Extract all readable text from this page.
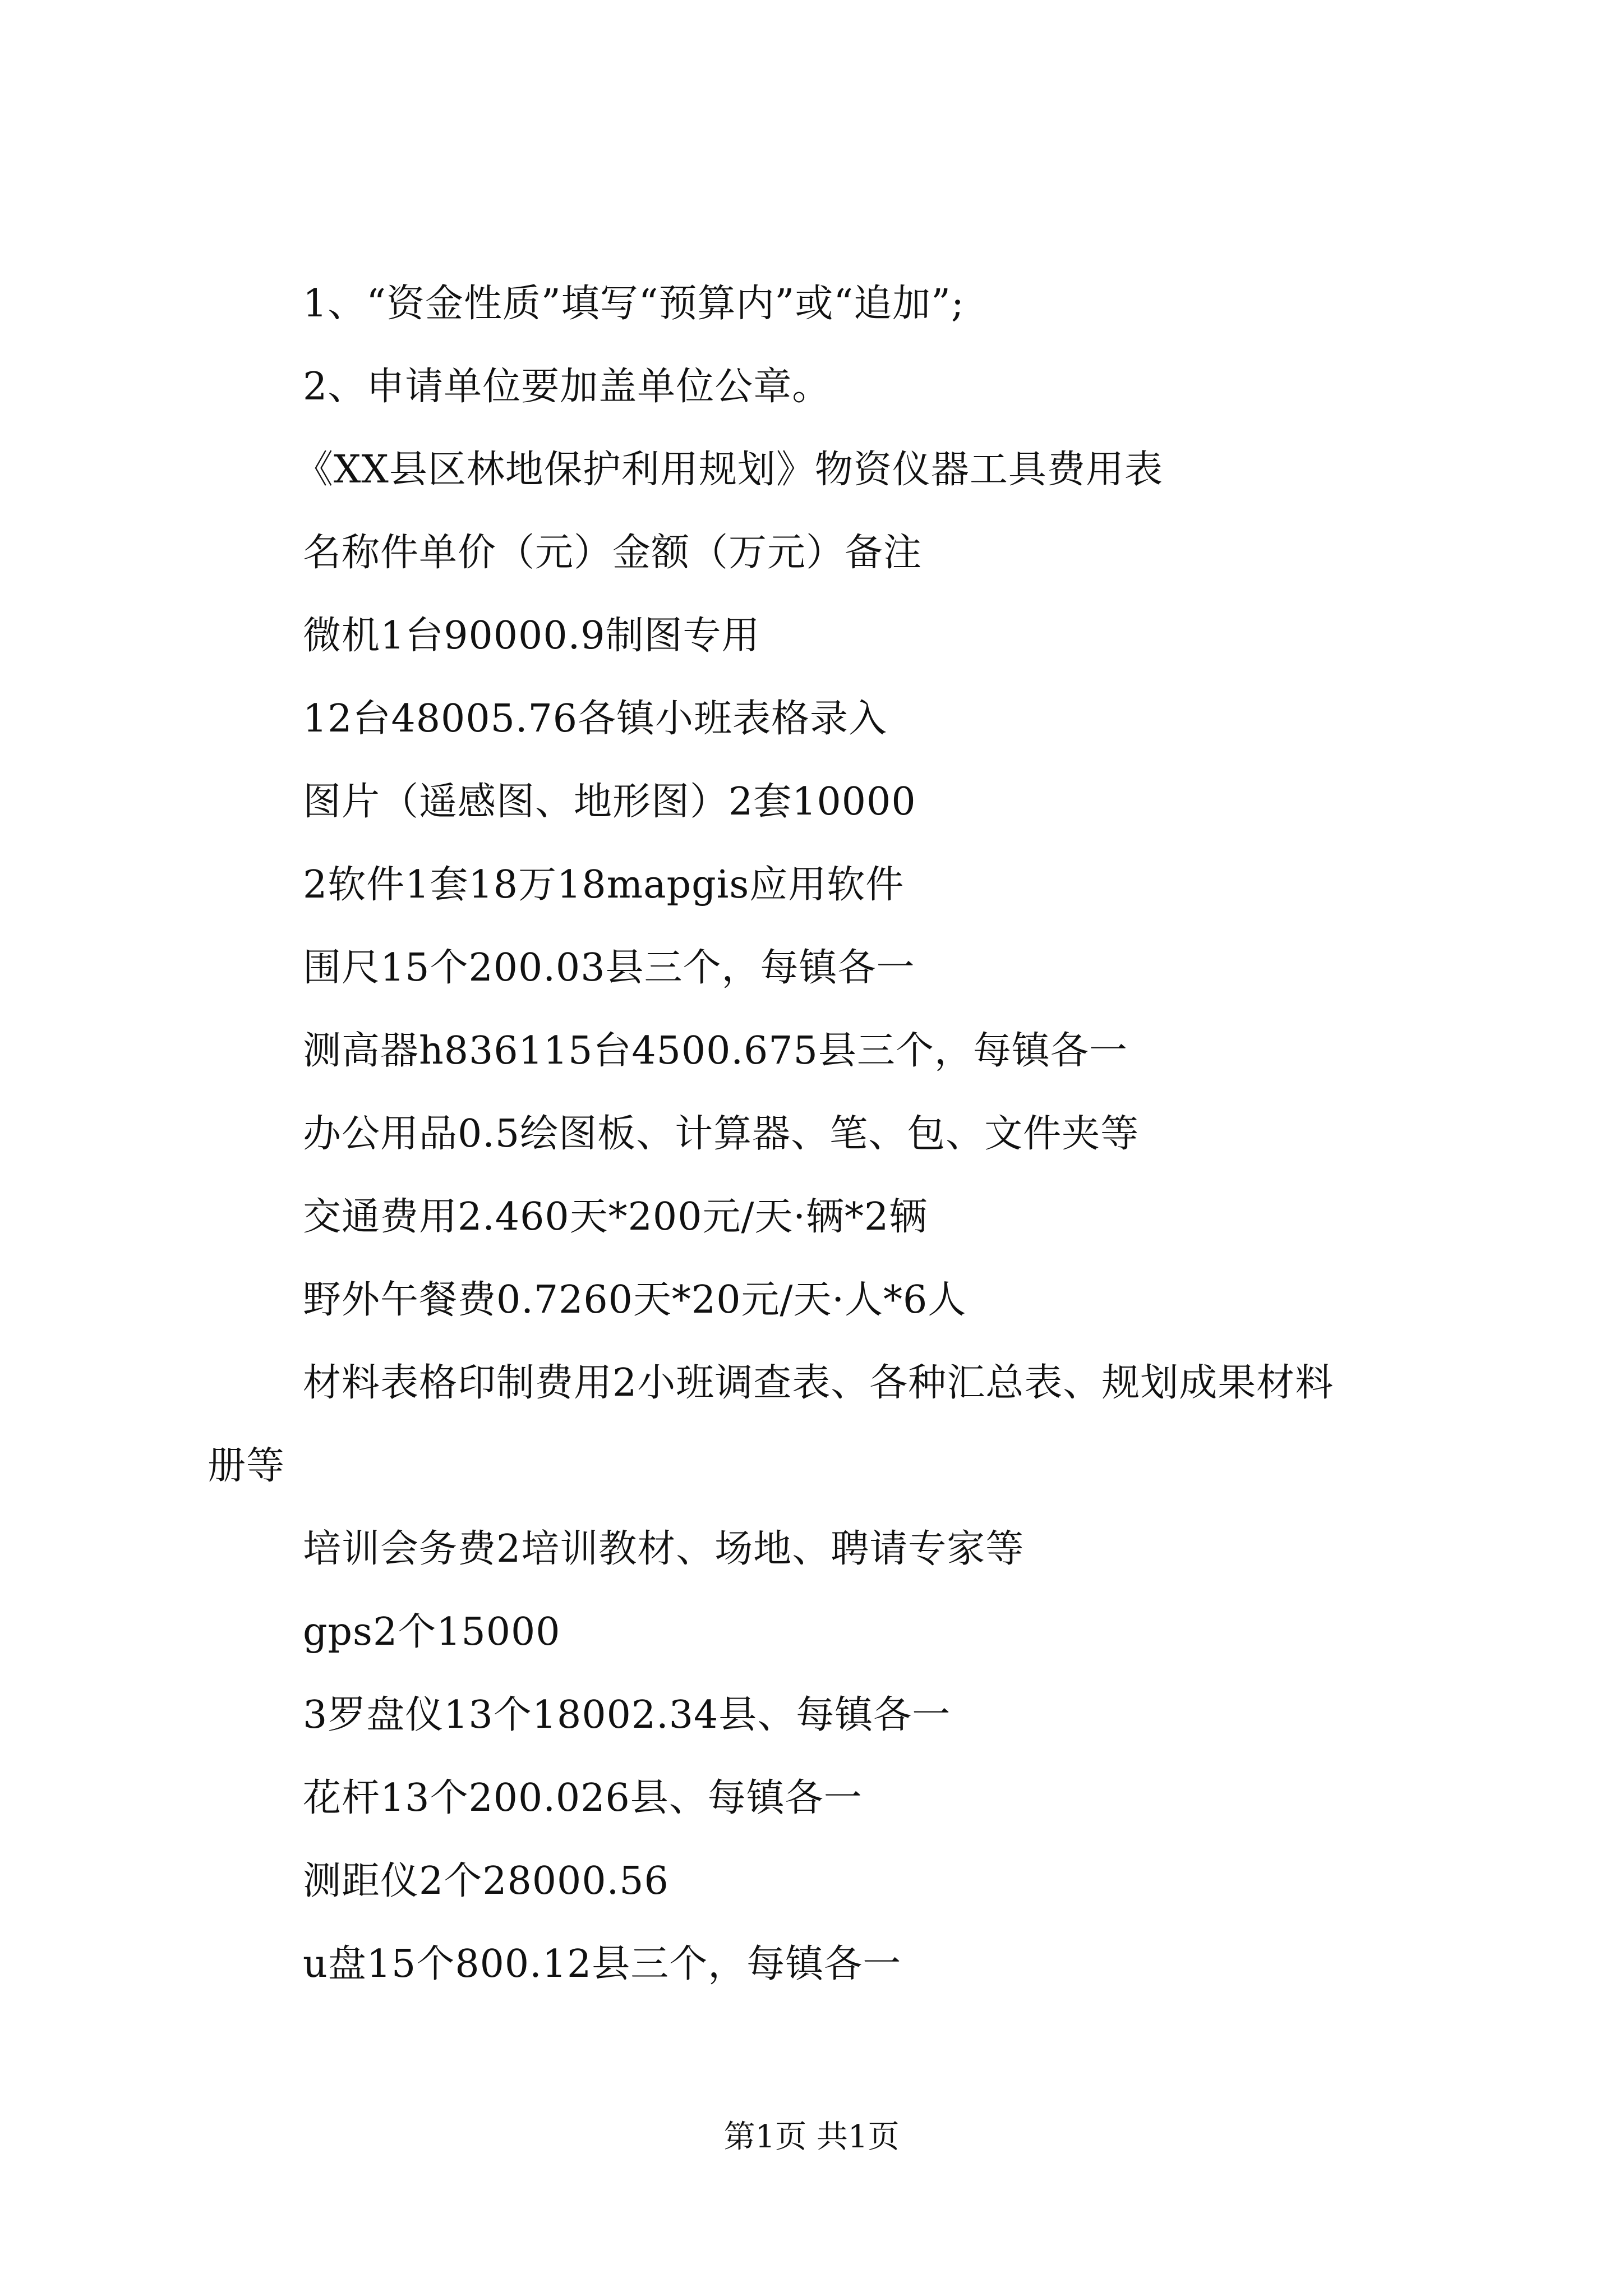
1、“资金性质”填写“预算内”或“追加”;
2、申请单位要加盖单位公章。
《XX县区林地保护利用规划》物资仪器工具费用表
名称件单价（元）金额（万元）备注
微机1台90000.9制图专用
12台48005.76各镇小班表格录入
图片（遥感图、地形图）2套10000
2软件1套18万18mapgis应用软件
围尺15个200.03县三个，每镇各一
测高器h836115台4500.675县三个，每镇各一
办公用品0.5绘图板、计算器、笔、包、文件夹等
交通费用2.460天*200元/天·辆*2辆
野外午餐费0.7260天*20元/天·人*6人
材料表格印制费用2小班调查表、各种汇总表、规划成果材料册等
培训会务费2培训教材、场地、聘请专家等
gps2个15000
3罗盘仪13个18002.34县、每镇各一
花杆13个200.026县、每镇各一
测距仪2个28000.56
u盘15个800.12县三个，每镇各一
第1页 共1页
